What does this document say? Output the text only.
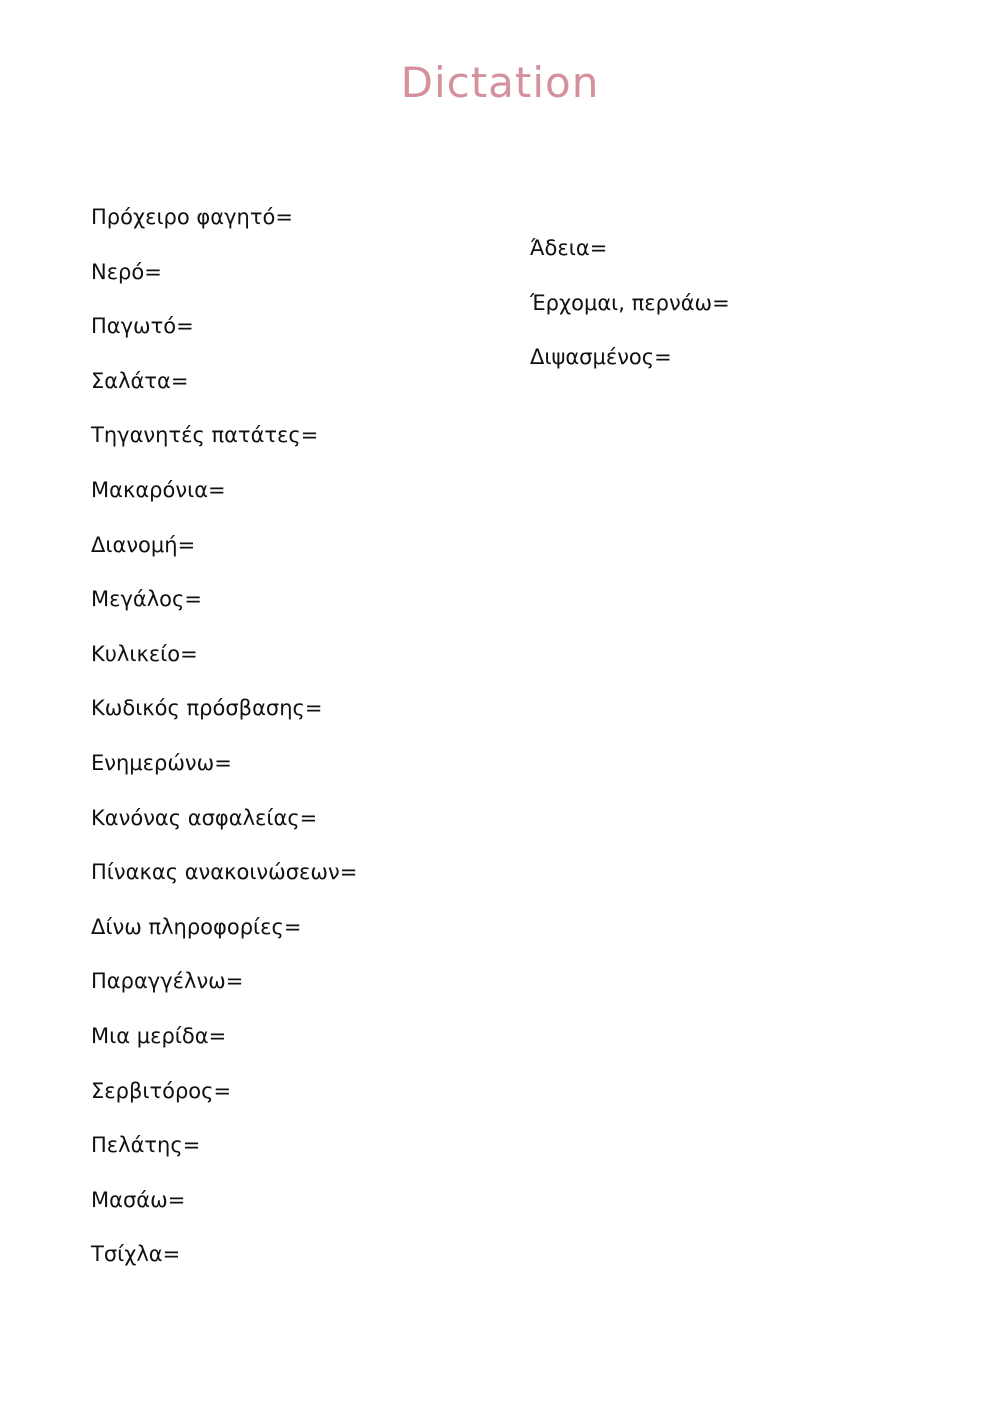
Dictation
Πρόχειρο φαγητό=
Νερό=
Παγωτό=
Σαλάτα=
Τηγανητές πατάτες=
Μακαρόνια=
Διανομή=
Μεγάλος=
Κυλικείο=
Κωδικός πρόσβασης=
Ενημερώνω=
Κανόνας ασφαλείας=
Πίνακας ανακοινώσεων=
Δίνω πληροφορίες=
Παραγγέλνω=
Μια μερίδα=
Σερβιτόρος=
Πελάτης=
Μασάω=
Τσίχλα=
Άδεια=
Έρχομαι, περνάω=
Διψασμένος=
